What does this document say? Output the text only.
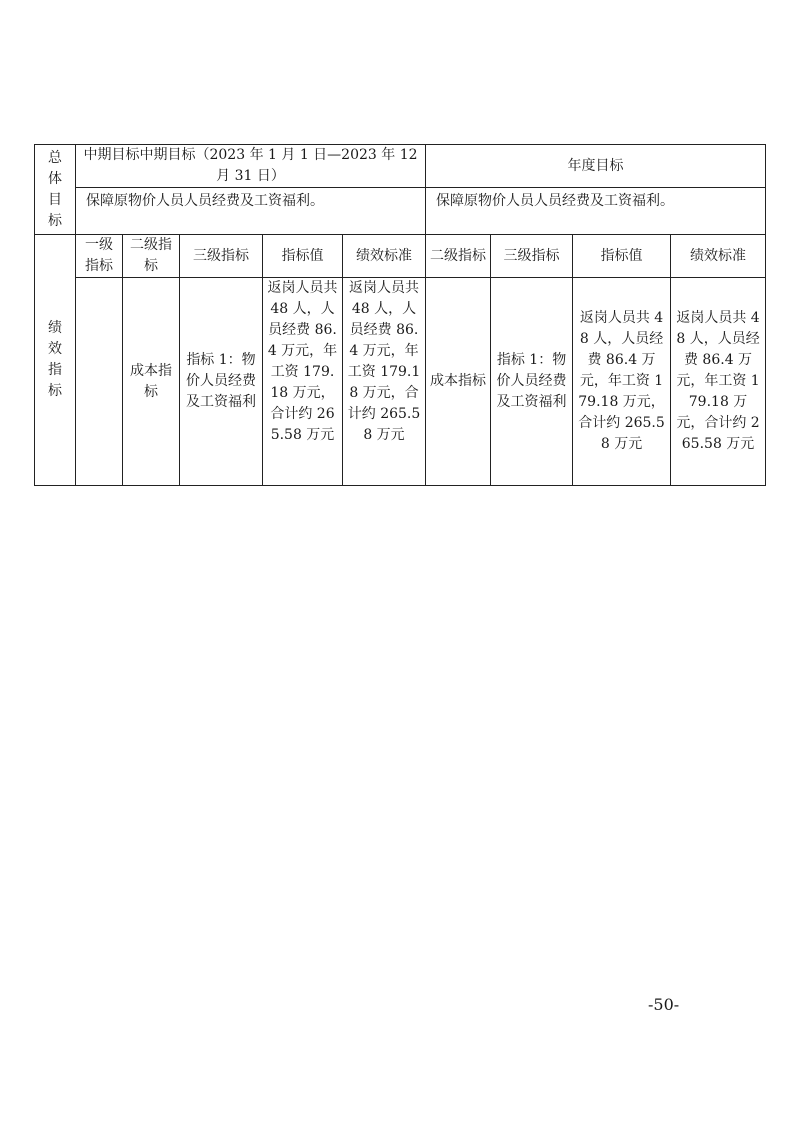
总
体
目
标	中期目标中期目标（2023 年 1 月 1 日—2023 年 12 月 31 日）					年度目标			
	保障原物价人员人员经费及工资福利。					保障原物价人员人员经费及工资福利。			

绩
效
指
标	一级指标	二级指标	三级指标	指标值	绩效标准	二级指标	三级指标	指标值	绩效标准
		成本指标	指标 1：物价人员经费及工资福利	返岗人员共 48 人，人员经费 86.4 万元，年工资 179.18 万元，合计约 265.58 万元	返岗人员共 48 人，人员经费 86.4 万元，年工资 179.18 万元，合计约 265.58 万元	成本指标	指标 1：物价人员经费及工资福利	返岗人员共 48 人，人员经费 86.4 万元，年工资 179.18 万元，合计约 265.58 万元	返岗人员共 48 人，人员经费 86.4 万元，年工资 179.18 万元，合计约 265.58 万元
-50-
